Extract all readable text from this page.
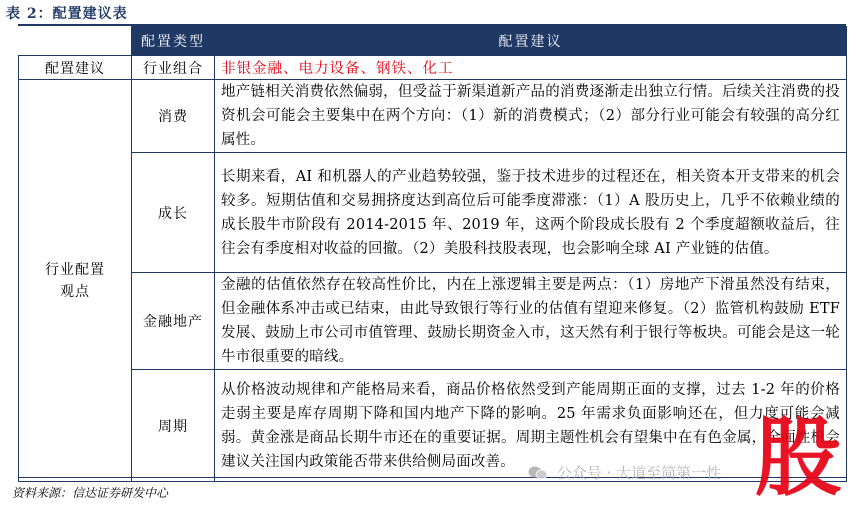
表 2：配置建议表
	配置类型	配置建议
配置建议	行业组合	非银金融、电力设备、钢铁、化工

行业配置观点	消费	地产链相关消费依然偏弱，但受益于新渠道新产品的消费逐渐走出独立行情。后续关注消费的投资机会可能会主要集中在两个方向：（1）新的消费模式；（2）部分行业可能会有较强的高分红属性。
	成长	长期来看，AI 和机器人的产业趋势较强，鉴于技术进步的过程还在，相关资本开支带来的机会较多。短期估值和交易拥挤度达到高位后可能季度滞涨：（1）A 股历史上，几乎不依赖业绩的成长股牛市阶段有 2014-2015 年、2019 年，这两个阶段成长股有 2 个季度超额收益后，往往会有季度相对收益的回撤。（2）美股科技股表现，也会影响全球 AI 产业链的估值。
	金融地产	金融的估值依然存在较高性价比，内在上涨逻辑主要是两点：（1）房地产下滑虽然没有结束，但金融体系冲击或已结束，由此导致银行等行业的估值有望迎来修复。（2）监管机构鼓励 ETF 发展、鼓励上市公司市值管理、鼓励长期资金入市，这天然有利于银行等板块。可能会是这一轮牛市很重要的暗线。
	周期	从价格波动规律和产能格局来看，商品价格依然受到产能周期正面的支撑，过去 1-2 年的价格走弱主要是库存周期下降和国内地产下降的影响。25 年需求负面影响还在，但力度可能会减弱。黄金涨是商品长期牛市还在的重要证据。周期主题性机会有望集中在有色金属，全面性机会建议关注国内政策能否带来供给侧局面改善。
资料来源：信达证券研发中心
公众号 · 大道至简第一性 股
